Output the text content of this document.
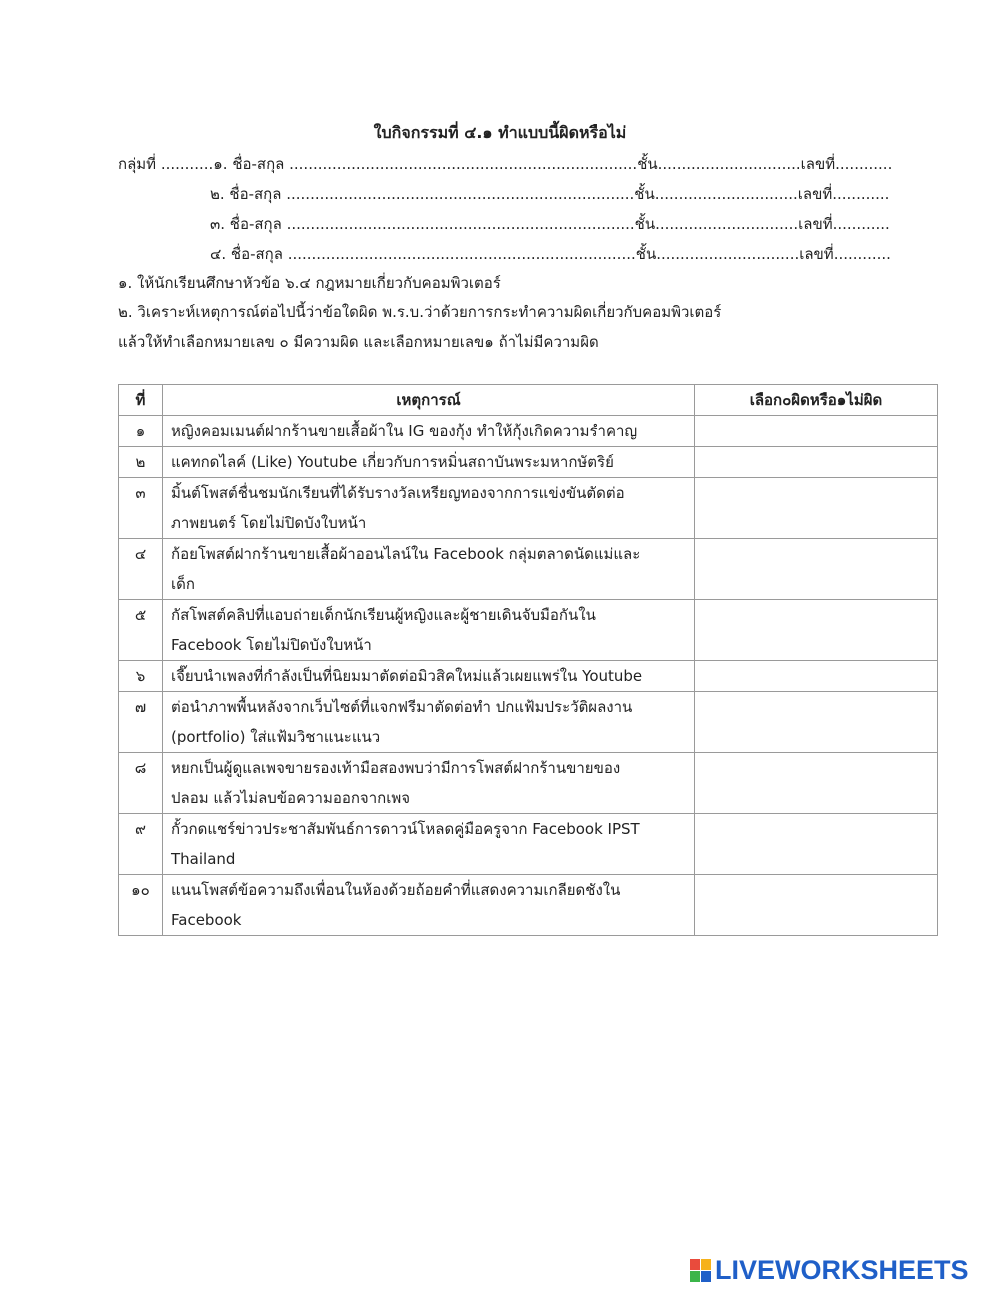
ใบกิจกรรมที่ ๔.๑ ทำแบบนี้ผิดหรือไม่
กลุ่มที่ ...........๑. ชื่อ-สกุล .........................................................................ชั้น..............................เลขที่............
๒. ชื่อ-สกุล .........................................................................ชั้น..............................เลขที่............
๓. ชื่อ-สกุล .........................................................................ชั้น..............................เลขที่............
๔. ชื่อ-สกุล .........................................................................ชั้น..............................เลขที่............
๑. ให้นักเรียนศึกษาหัวข้อ ๖.๔ กฎหมายเกี่ยวกับคอมพิวเตอร์
๒. วิเคราะห์เหตุการณ์ต่อไปนี้ว่าข้อใดผิด พ.ร.บ.ว่าด้วยการกระทำความผิดเกี่ยวกับคอมพิวเตอร์
แล้วให้ทำเลือกหมายเลข ๐ มีความผิด และเลือกหมายเลข๑ ถ้าไม่มีความผิด
ที่	เหตุการณ์	เลือก๐ผิดหรือ๑ไม่ผิด
๑	หญิงคอมเมนต์ฝากร้านขายเสื้อผ้าใน IG ของกุ้ง ทำให้กุ้งเกิดความรำคาญ	

๒	แคทกดไลค์ (Like) Youtube เกี่ยวกับการหมิ่นสถาบันพระมหากษัตริย์	

๓	มิ้นต์โพสต์ชื่นชมนักเรียนที่ได้รับรางวัลเหรียญทองจากการแข่งขันตัดต่อ
ภาพยนตร์ โดยไม่ปิดบังใบหน้า	

๔	ก้อยโพสต์ฝากร้านขายเสื้อผ้าออนไลน์ใน Facebook กลุ่มตลาดนัดแม่และ
เด็ก	

๕	กัสโพสต์คลิปที่แอบถ่ายเด็กนักเรียนผู้หญิงและผู้ชายเดินจับมือกันใน
Facebook โดยไม่ปิดบังใบหน้า	

๖	เจี๊ยบนำเพลงที่กำลังเป็นที่นิยมมาตัดต่อมิวสิคใหม่แล้วเผยแพร่ใน Youtube	

๗	ต่อนำภาพพื้นหลังจากเว็บไซต์ที่แจกฟรีมาตัดต่อทำ ปกแฟ้มประวัติผลงาน
(portfolio) ใส่แฟ้มวิชาแนะแนว	

๘	หยกเป็นผู้ดูแลเพจขายรองเท้ามือสองพบว่ามีการโพสต์ฝากร้านขายของ
ปลอม แล้วไม่ลบข้อความออกจากเพจ	

๙	กั้วกดแชร์ข่าวประชาสัมพันธ์การดาวน์โหลดคู่มือครูจาก Facebook IPST
Thailand	

๑๐	แนนโพสต์ข้อความถึงเพื่อนในห้องด้วยถ้อยคำที่แสดงความเกลียดชังใน
Facebook	

LIVEWORKSHEETS
